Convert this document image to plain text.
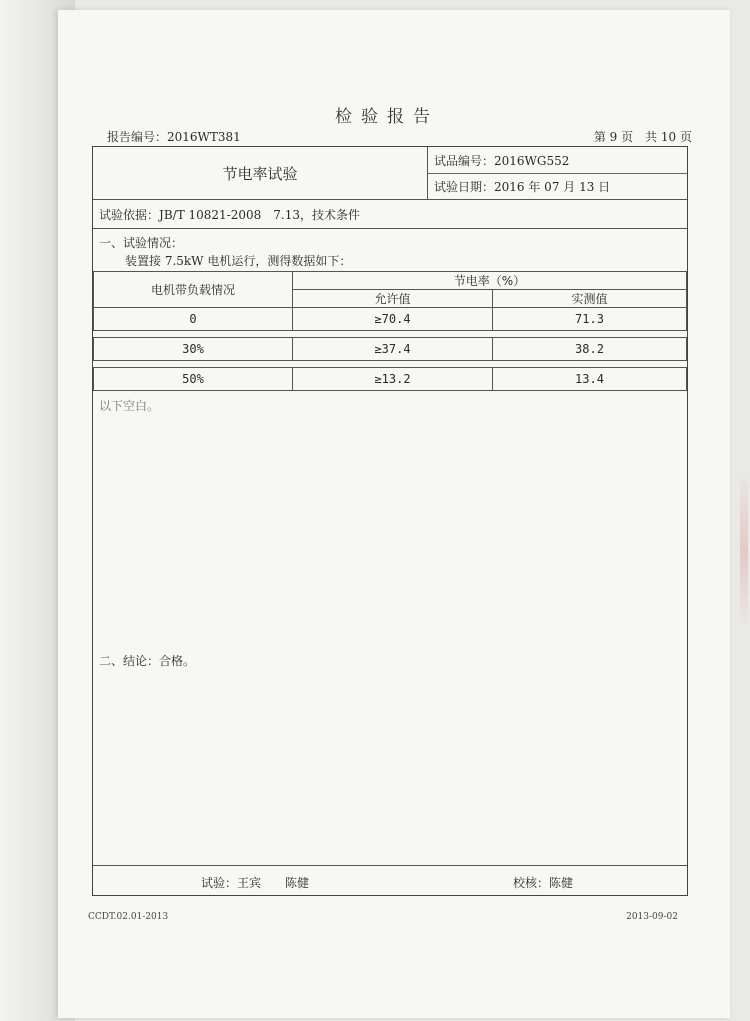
检验报告
报告编号：2016WT381	第 9 页　共 10 页
节电率试验
试品编号：2016WG552
试验日期：2016 年 07 月 13 日
试验依据：JB/T 10821-2008　7.13，技术条件
一、试验情况：
装置接 7.5kW 电机运行，测得数据如下：
电机带负载情况	节电率（%）	
	允许值	实测值
0	≥70.4	71.3

30%	≥37.4	38.2

50%	≥13.2	13.4
以下空白。
二、结论：合格。
试验：王宾　　陈健	校核：陈健
CCDT.02.01-2013	2013-09-02
